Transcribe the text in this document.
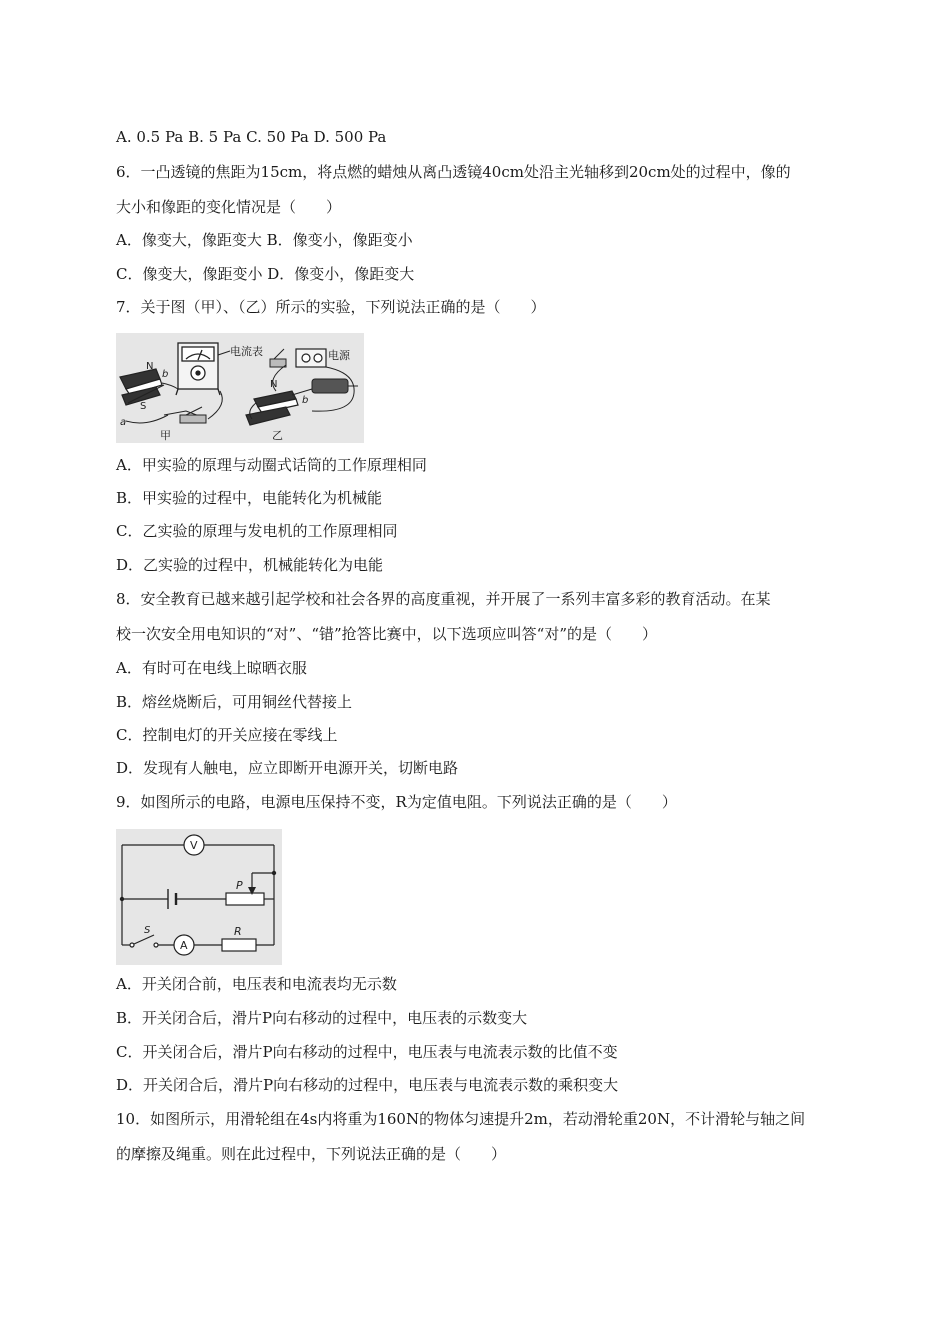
A. 0.5 Pa B. 5 Pa C. 50 Pa D. 500 Pa
6．一凸透镜的焦距为15cm，将点燃的蜡烛从离凸透镜40cm处沿主光轴移到20cm处的过程中，像的
大小和像距的变化情况是（　　）
A．像变大，像距变大 B．像变小，像距变小
C．像变大，像距变小 D．像变小，像距变大
7．关于图（甲）、（乙）所示的实验，下列说法正确的是（　　）
电流表
N
S
b
a
甲
电源
N
b
乙
A．甲实验的原理与动圈式话筒的工作原理相同
B．甲实验的过程中，电能转化为机械能
C．乙实验的原理与发电机的工作原理相同
D．乙实验的过程中，机械能转化为电能
8．安全教育已越来越引起学校和社会各界的高度重视，并开展了一系列丰富多彩的教育活动。在某
校一次安全用电知识的“对”、“错”抢答比赛中，以下选项应叫答“对”的是（　　）
A．有时可在电线上晾晒衣服
B．熔丝烧断后，可用铜丝代替接上
C．控制电灯的开关应接在零线上
D．发现有人触电，应立即断开电源开关，切断电路
9．如图所示的电路，电源电压保持不变，R为定值电阻。下列说法正确的是（　　）
P
V
S
A
R
A．开关闭合前，电压表和电流表均无示数
B．开关闭合后，滑片P向右移动的过程中，电压表的示数变大
C．开关闭合后，滑片P向右移动的过程中，电压表与电流表示数的比值不变
D．开关闭合后，滑片P向右移动的过程中，电压表与电流表示数的乘积变大
10．如图所示，用滑轮组在4s内将重为160N的物体匀速提升2m，若动滑轮重20N，不计滑轮与轴之间
的摩擦及绳重。则在此过程中，下列说法正确的是（　　）
